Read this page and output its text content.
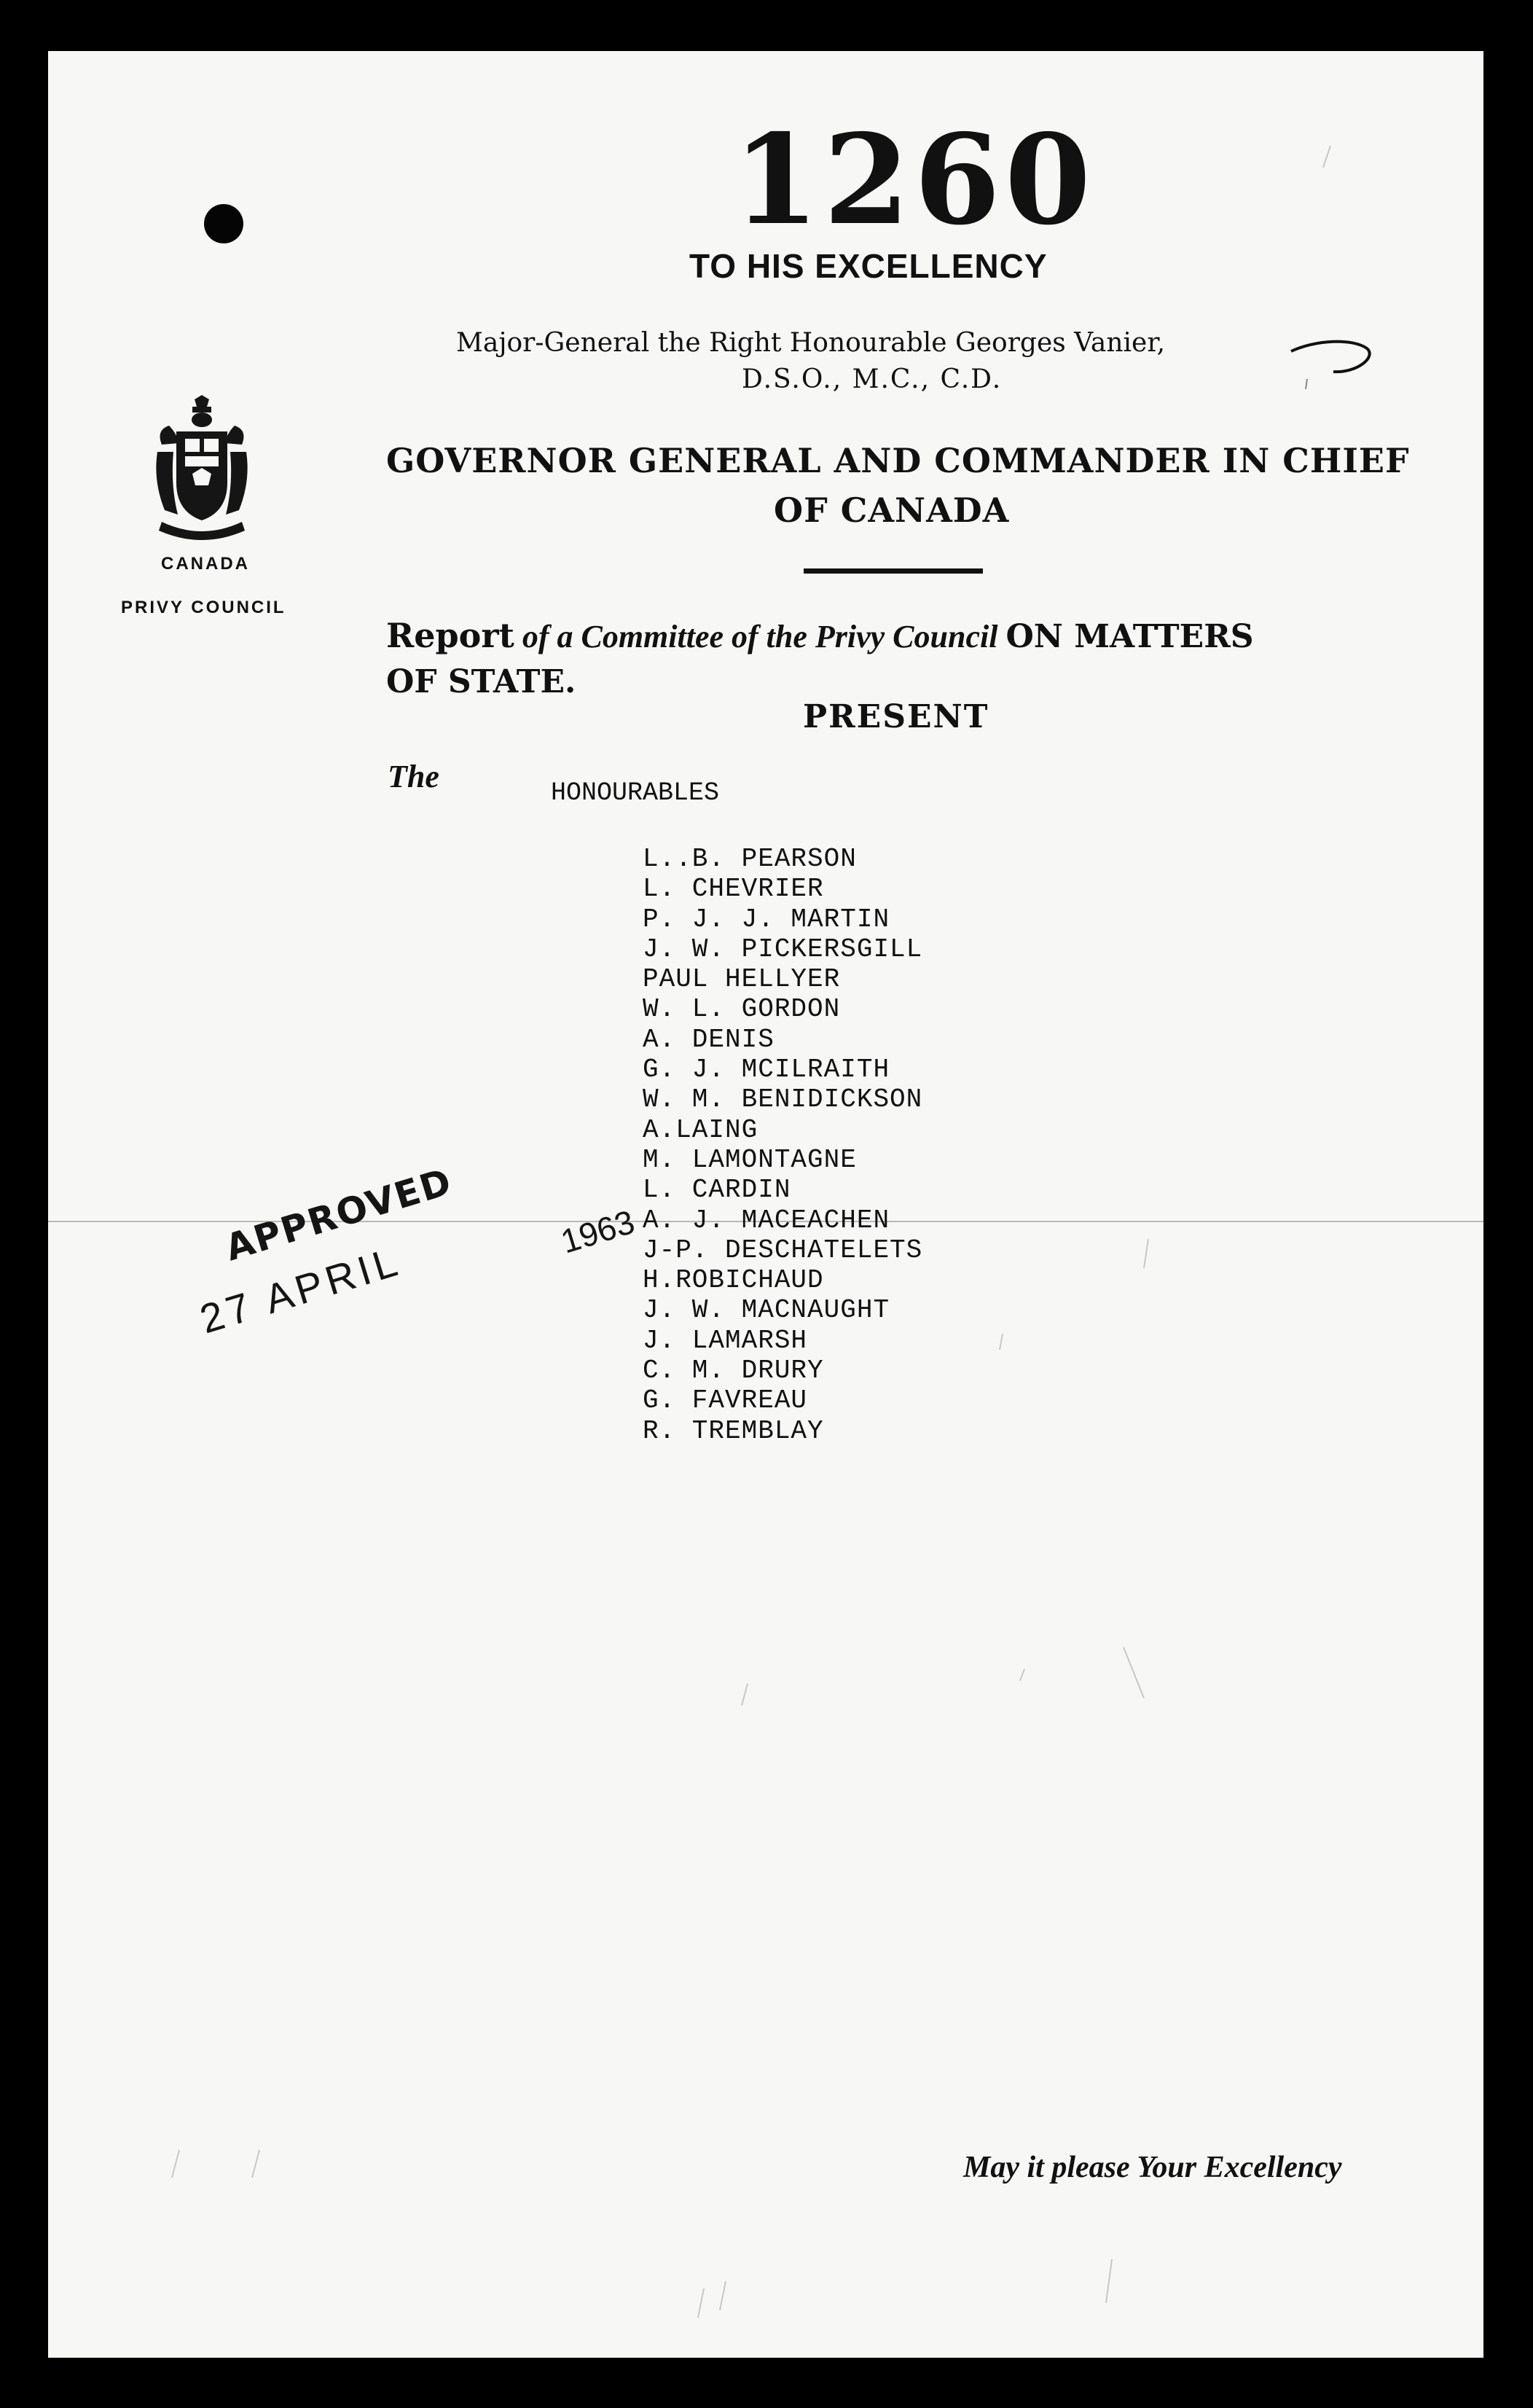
1260
TO HIS EXCELLENCY
Major-General the Right Honourable Georges Vanier,
D.S.O., M.C., C.D.
CANADA
PRIVY COUNCIL
GOVERNOR GENERAL AND COMMANDER IN CHIEF
OF CANADA
Report of a Committee of the Privy Council ON MATTERS
OF STATE.
PRESENT
The	HONOURABLES
L..B. PEARSON
L. CHEVRIER
P. J. J. MARTIN
J. W. PICKERSGILL
PAUL HELLYER
W. L. GORDON
A. DENIS
G. J. MCILRAITH
W. M. BENIDICKSON
A.LAING
M. LAMONTAGNE
L. CARDIN
A. J. MACEACHEN
J-P. DESCHATELETS
H.ROBICHAUD
J. W. MACNAUGHT
J. LAMARSH
C. M. DRURY
G. FAVREAU
R. TREMBLAY
APPROVED
27 APRIL
1963
May it please Your Excellency
